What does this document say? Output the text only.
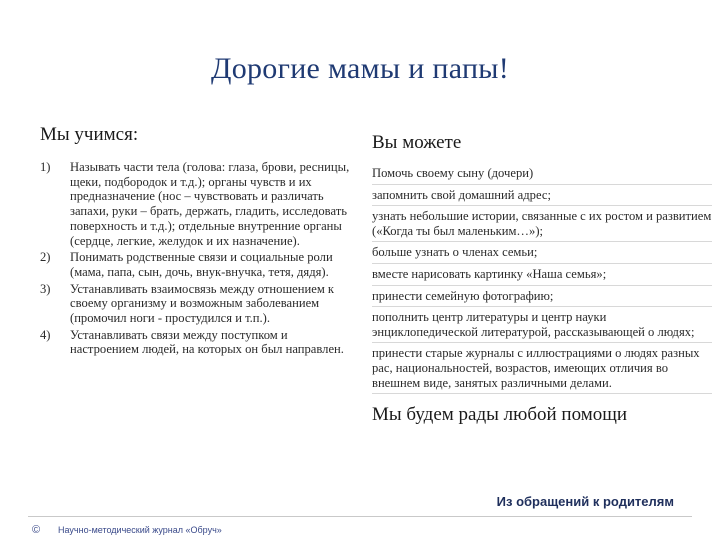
Дорогие мамы и папы!
Мы учимся:
1) Называть части тела (голова: глаза, брови, ресницы, щеки, подбородок и т.д.); органы чувств и их предназначение (нос – чувствовать и различать запахи, руки – брать, держать, гладить, исследовать поверхность и т.д.); отдельные внутренние органы (сердце, легкие, желудок и их назначение).
2) Понимать родственные связи и социальные роли (мама, папа, сын, дочь, внук-внучка, тетя, дядя).
3) Устанавливать взаимосвязь между отношением к своему организму и возможным заболеванием (промочил ноги - простудился и т.п.).
4) Устанавливать связи между поступком и настроением людей, на которых он был направлен.
Вы можете
Помочь своему сыну (дочери)
запомнить свой домашний адрес;
узнать небольшие истории, связанные с их ростом и развитием («Когда ты был маленьким…»);
больше узнать о членах семьи;
вместе нарисовать картинку «Наша семья»;
принести семейную фотографию;
пополнить центр литературы и центр науки энциклопедической литературой, рассказывающей о людях;
принести старые журналы с иллюстрациями о людях разных рас, национальностей, возрастов, имеющих отличия во внешнем виде, занятых различными делами.
Мы будем рады любой помощи
Из обращений к родителям
© Научно-методический журнал «Обруч»
